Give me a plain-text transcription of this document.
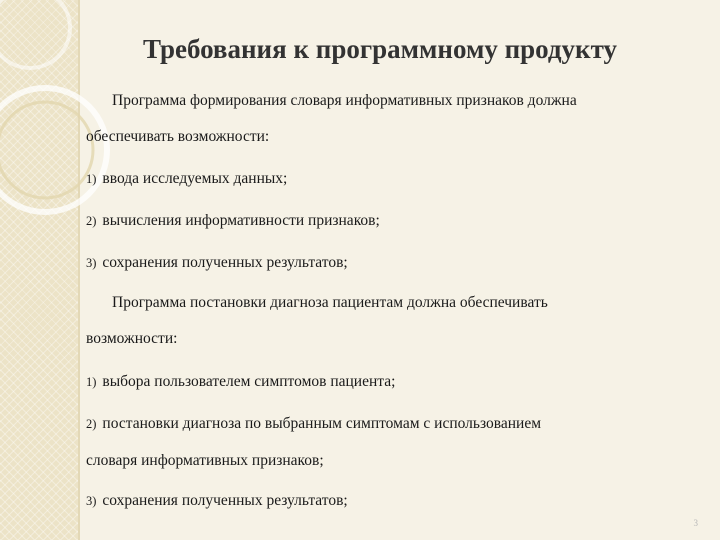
Требования к программному продукту
Программа формирования словаря информативных признаков должна
обеспечивать возможности:
1) ввода исследуемых данных;
2) вычисления информативности признаков;
3) сохранения полученных результатов;
Программа постановки диагноза пациентам должна обеспечивать
возможности:
1) выбора пользователем симптомов пациента;
2) постановки диагноза по выбранным симптомам с использованием
словаря информативных признаков;
3) сохранения полученных результатов;
3
